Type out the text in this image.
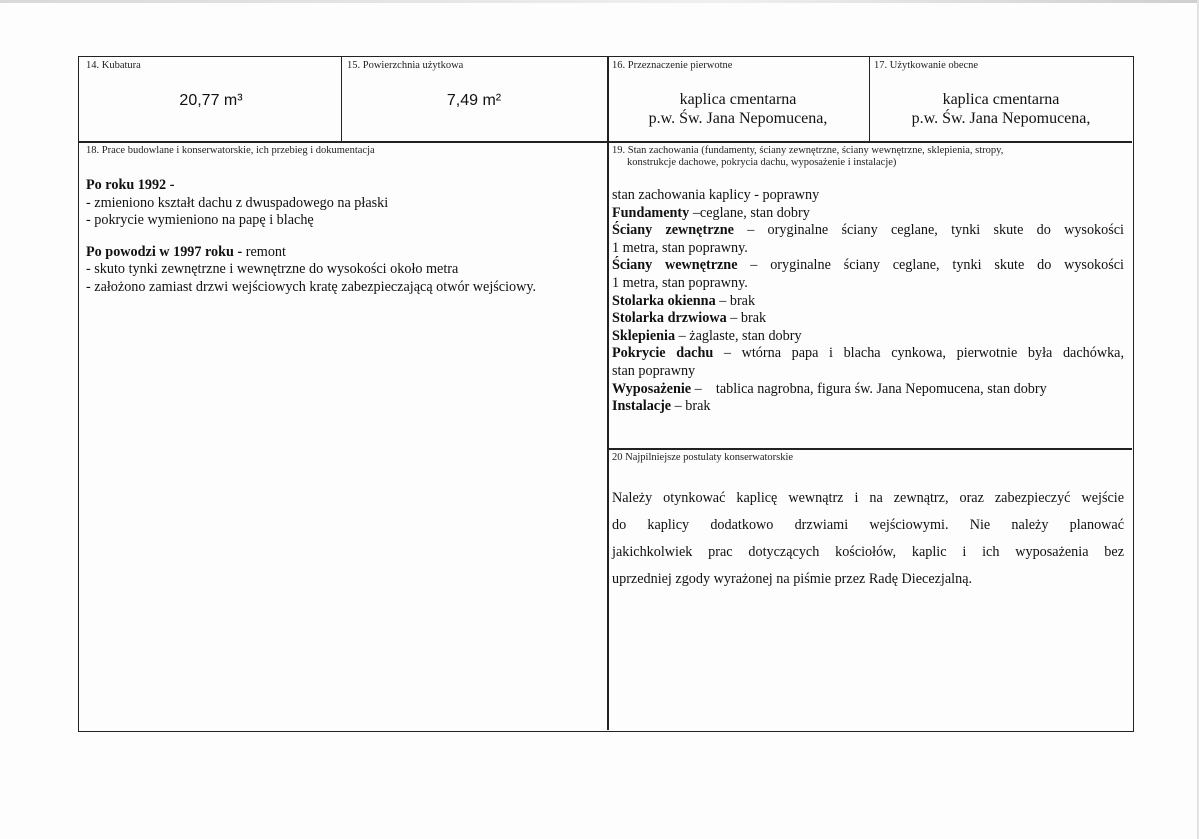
14. Kubatura
20,77 m³
15. Powierzchnia użytkowa
7,49 m²
16. Przeznaczenie pierwotne
kaplica cmentarna
p.w. Św. Jana Nepomucena,
17. Użytkowanie obecne
kaplica cmentarna
p.w. Św. Jana Nepomucena,
18. Prace budowlane i konserwatorskie, ich przebieg i dokumentacja
Po roku 1992 -
- zmieniono kształt dachu z dwuspadowego na płaski
- pokrycie wymieniono na papę i blachę
Po powodzi w 1997 roku - remont
- skuto tynki zewnętrzne i wewnętrzne do wysokości około metra
- założono zamiast drzwi wejściowych kratę zabezpieczającą otwór wejściowy.
19. Stan zachowania (fundamenty, ściany zewnętrzne, ściany wewnętrzne, sklepienia, stropy,
konstrukcje dachowe, pokrycia dachu, wyposażenie i instalacje)
stan zachowania kaplicy - poprawny
Fundamenty –ceglane, stan dobry
Ściany zewnętrzne – oryginalne ściany ceglane, tynki skute do wysokości
1 metra, stan poprawny.
Ściany wewnętrzne – oryginalne ściany ceglane, tynki skute do wysokości
1 metra, stan poprawny.
Stolarka okienna – brak
Stolarka drzwiowa – brak
Sklepienia – żaglaste, stan dobry
Pokrycie dachu – wtórna papa i blacha cynkowa, pierwotnie była dachówka,
stan poprawny
Wyposażenie –    tablica nagrobna, figura św. Jana Nepomucena, stan dobry
Instalacje – brak
20 Najpilniejsze postulaty konserwatorskie
Należy otynkować kaplicę wewnątrz i na zewnątrz, oraz zabezpieczyć wejście
do kaplicy dodatkowo drzwiami wejściowymi. Nie należy planować
jakichkolwiek prac dotyczących kościołów, kaplic i ich wyposażenia bez
uprzedniej zgody wyrażonej na piśmie przez Radę Diecezjalną.
